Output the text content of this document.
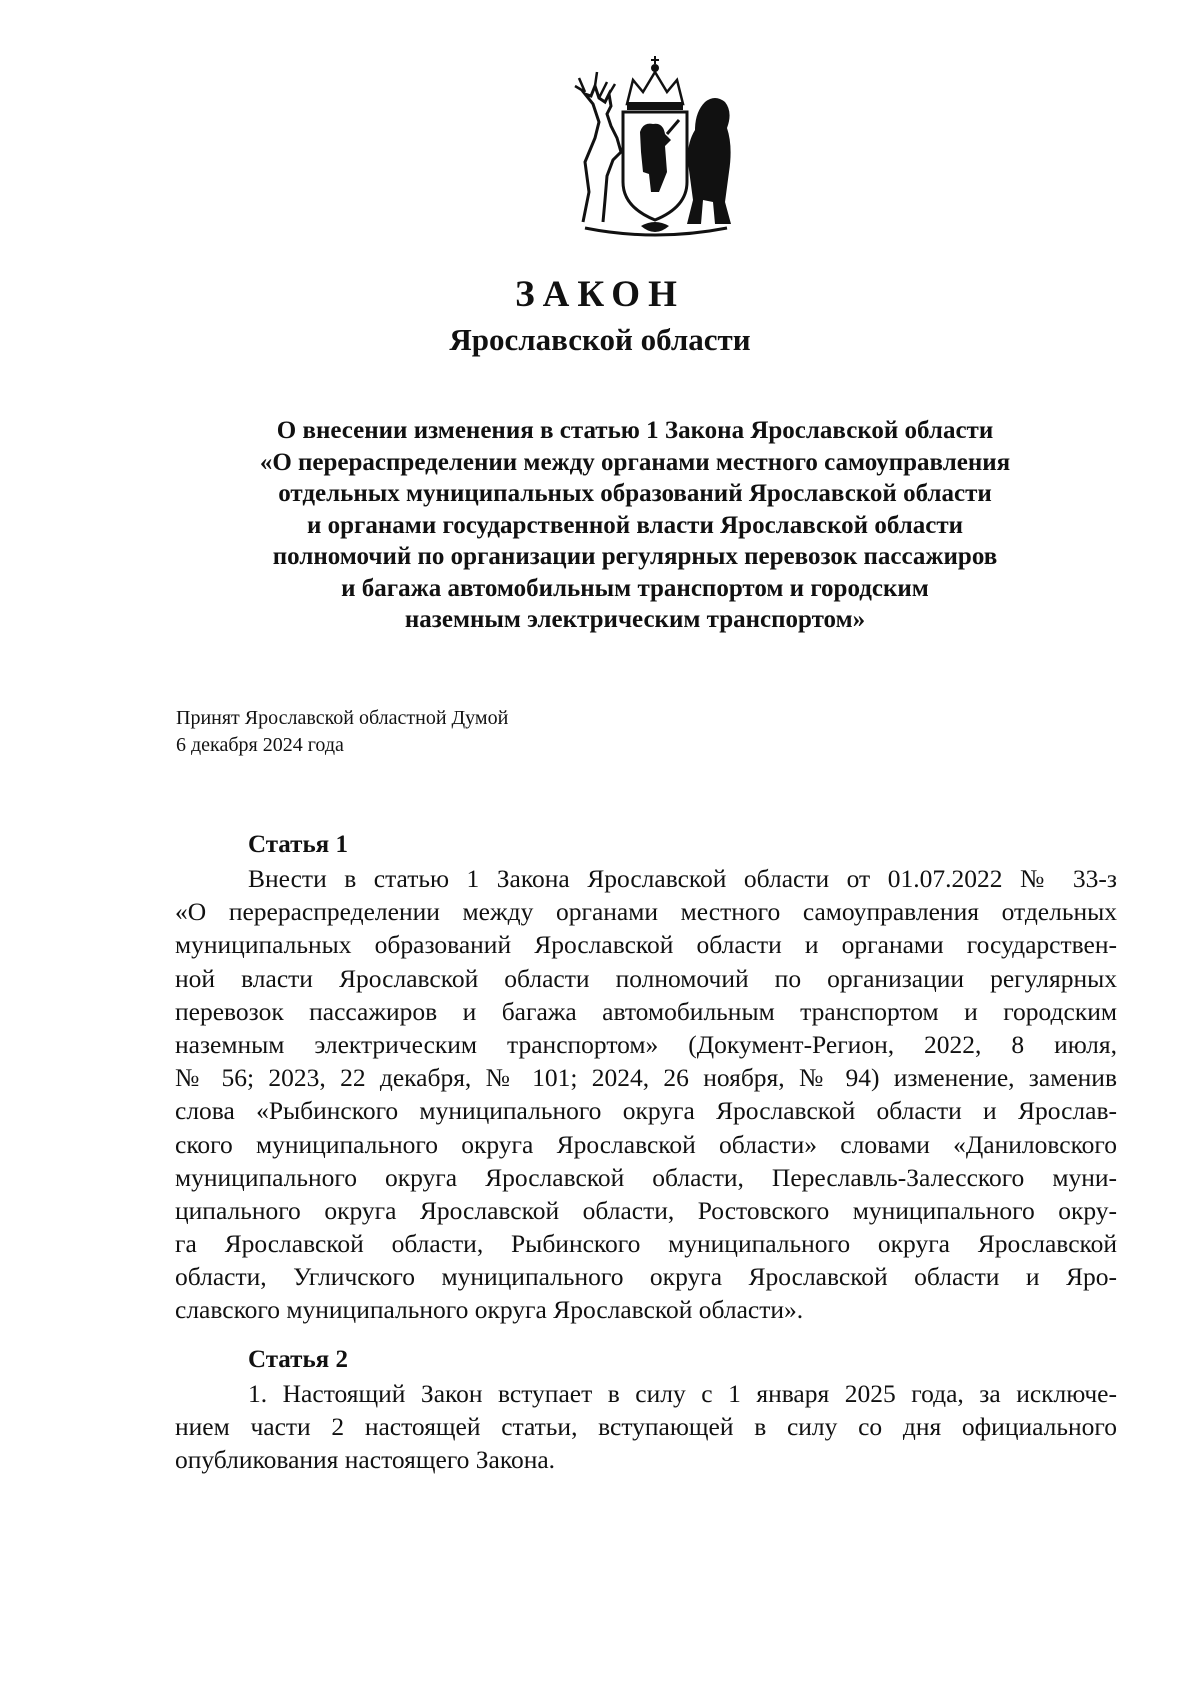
ЗАКОН
Ярославской области
О внесении изменения в статью 1 Закона Ярославской области
«О перераспределении между органами местного самоуправления
отдельных муниципальных образований Ярославской области
и органами государственной власти Ярославской области
полномочий по организации регулярных перевозок пассажиров
и багажа автомобильным транспортом и городским
наземным электрическим транспортом»
Принят Ярославской областной Думой
6 декабря 2024 года
Статья 1
Внести в статью 1 Закона Ярославской области от 01.07.2022 № 33-з
«О перераспределении между органами местного самоуправления отдельных
муниципальных образований Ярославской области и органами государствен-
ной власти Ярославской области полномочий по организации регулярных
перевозок пассажиров и багажа автомобильным транспортом и городским
наземным электрическим транспортом» (Документ-Регион, 2022, 8 июля,
№ 56; 2023, 22 декабря, № 101; 2024, 26 ноября, № 94) изменение, заменив
слова «Рыбинского муниципального округа Ярославской области и Ярослав-
ского муниципального округа Ярославской области» словами «Даниловского
муниципального округа Ярославской области, Переславль-Залесского муни-
ципального округа Ярославской области, Ростовского муниципального окру-
га Ярославской области, Рыбинского муниципального округа Ярославской
области, Угличского муниципального округа Ярославской области и Яро-
славского муниципального округа Ярославской области».
Статья 2
1. Настоящий Закон вступает в силу с 1 января 2025 года, за исключе-
нием части 2 настоящей статьи, вступающей в силу со дня официального
опубликования настоящего Закона.
